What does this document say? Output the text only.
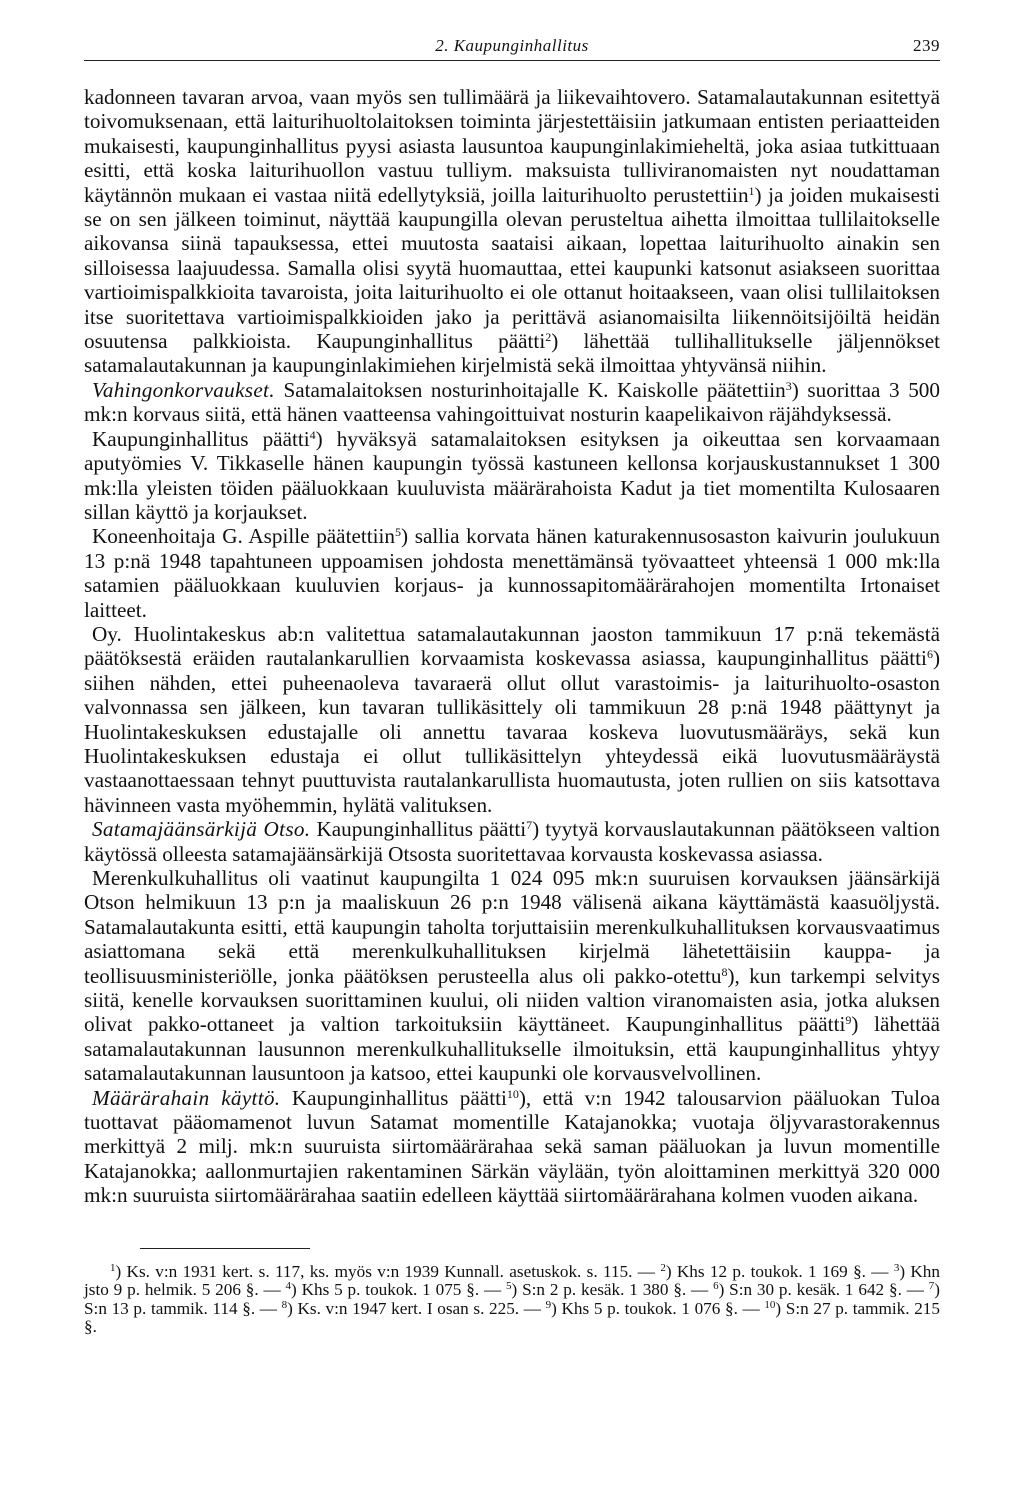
2. Kaupunginhallitus	239

kadonneen tavaran arvoa, vaan myös sen tullimäärä ja liikevaihtovero. Satamalautakunnan esitettyä toivomuksenaan, että laiturihuoltolaitoksen toiminta järjestettäisiin jatkumaan entisten periaatteiden mukaisesti, kaupunginhallitus pyysi asiasta lausuntoa kaupunginlakimieheltä, joka asiaa tutkittuaan esitti, että koska laiturihuollon vastuu tulliym. maksuista tulliviranomaisten nyt noudattaman käytännön mukaan ei vastaa niitä edellytyksiä, joilla laiturihuolto perustettiin$^1$) ja joiden mukaisesti se on sen jälkeen toiminut, näyttää kaupungilla olevan perusteltua aihetta ilmoittaa tullilaitokselle aikovansa siinä tapauksessa, ettei muutosta saataisi aikaan, lopettaa laiturihuolto ainakin sen silloisessa laajuudessa. Samalla olisi syytä huomauttaa, ettei kaupunki katsonut asiakseen suorittaa vartioimispalkkioita tavaroista, joita laiturihuolto ei ole ottanut hoitaakseen, vaan olisi tullilaitoksen itse suoritettava vartioimispalkkioiden jako ja perittävä asianomaisilta liikennöitsijöiltä heidän osuutensa palkkioista. Kaupunginhallitus päätti$^2$) lähettää tullihallitukselle jäljennökset satamalautakunnan ja kaupunginlakimiehen kirjelmistä sekä ilmoittaa yhtyvänsä niihin.

Vahingonkorvaukset. Satamalaitoksen nosturinhoitajalle K. Kaiskolle päätettiin$^3$) suorittaa 3 500 mk:n korvaus siitä, että hänen vaatteensa vahingoittuivat nosturin kaapelikaivon räjähdyksessä.

Kaupunginhallitus päätti$^4$) hyväksyä satamalaitoksen esityksen ja oikeuttaa sen korvaamaan aputyömies V. Tikkaselle hänen kaupungin työssä kastuneen kellonsa korjauskustannukset 1 300 mk:lla yleisten töiden pääluokkaan kuuluvista määrärahoista Kadut ja tiet momentilta Kulosaaren sillan käyttö ja korjaukset.

Koneenhoitaja G. Aspille päätettiin$^5$) sallia korvata hänen katurakennusosaston kaivurin joulukuun 13 p:nä 1948 tapahtuneen uppoamisen johdosta menettämänsä työvaatteet yhteensä 1 000 mk:lla satamien pääluokkaan kuuluvien korjaus- ja kunnossapitomäärärahojen momentilta Irtonaiset laitteet.

Oy. Huolintakeskus ab:n valitettua satamalautakunnan jaoston tammikuun 17 p:nä tekemästä päätöksestä eräiden rautalankarullien korvaamista koskevassa asiassa, kaupunginhallitus päätti$^6$) siihen nähden, ettei puheenaoleva tavaraerä ollut ollut varastoimis- ja laiturihuolto-osaston valvonnassa sen jälkeen, kun tavaran tullikäsittely oli tammikuun 28 p:nä 1948 päättynyt ja Huolintakeskuksen edustajalle oli annettu tavaraa koskeva luovutusmääräys, sekä kun Huolintakeskuksen edustaja ei ollut tullikäsittelyn yhteydessä eikä luovutusmääräystä vastaanottaessaan tehnyt puuttuvista rautalankarullista huomautusta, joten rullien on siis katsottava hävinneen vasta myöhemmin, hylätä valituksen.

Satamajäänsärkijä Otso. Kaupunginhallitus päätti$^7$) tyytyä korvauslautakunnan päätökseen valtion käytössä olleesta satamajäänsärkijä Otsosta suoritettavaa korvausta koskevassa asiassa.

Merenkulkuhallitus oli vaatinut kaupungilta 1 024 095 mk:n suuruisen korvauksen jäänsärkijä Otson helmikuun 13 p:n ja maaliskuun 26 p:n 1948 välisenä aikana käyttämästä kaasuöljystä. Satamalautakunta esitti, että kaupungin taholta torjuttaisiin merenkulkuhallituksen korvausvaatimus asiattomana sekä että merenkulkuhallituksen kirjelmä lähetettäisiin kauppa- ja teollisuusministeriölle, jonka päätöksen perusteella alus oli pakko-otettu$^8$), kun tarkempi selvitys siitä, kenelle korvauksen suorittaminen kuului, oli niiden valtion viranomaisten asia, jotka aluksen olivat pakko-ottaneet ja valtion tarkoituksiin käyttäneet. Kaupunginhallitus päätti$^9$) lähettää satamalautakunnan lausunnon merenkulkuhallitukselle ilmoituksin, että kaupunginhallitus yhtyy satamalautakunnan lausuntoon ja katsoo, ettei kaupunki ole korvausvelvollinen.

Määrärahain käyttö. Kaupunginhallitus päätti$^{10}$), että v:n 1942 talousarvion pääluokan Tuloa tuottavat pääomamenot luvun Satamat momentille Katajanokka; vuotaja öljyvarastorakennus merkittyä 2 milj. mk:n suuruista siirtomäärärahaa sekä saman pääluokan ja luvun momentille Katajanokka; aallonmurtajien rakentaminen Särkän väylään, työn aloittaminen merkittyä 320 000 mk:n suuruista siirtomäärärahaa saatiin edelleen käyttää siirtomäärärahana kolmen vuoden aikana.

$^1$) Ks. v:n 1931 kert. s. 117, ks. myös v:n 1939 Kunnall. asetuskok. s. 115. — $^2$) Khs 12 p. toukok. 1 169 §. — $^3$) Khn jsto 9 p. helmik. 5 206 §. — $^4$) Khs 5 p. toukok. 1 075 §. — $^5$) S:n 2 p. kesäk. 1 380 §. — $^6$) S:n 30 p. kesäk. 1 642 §. — $^7$) S:n 13 p. tammik. 114 §. — $^8$) Ks. v:n 1947 kert. I osan s. 225. — $^9$) Khs 5 p. toukok. 1 076 §. — $^{10}$) S:n 27 p. tammik. 215 §.
